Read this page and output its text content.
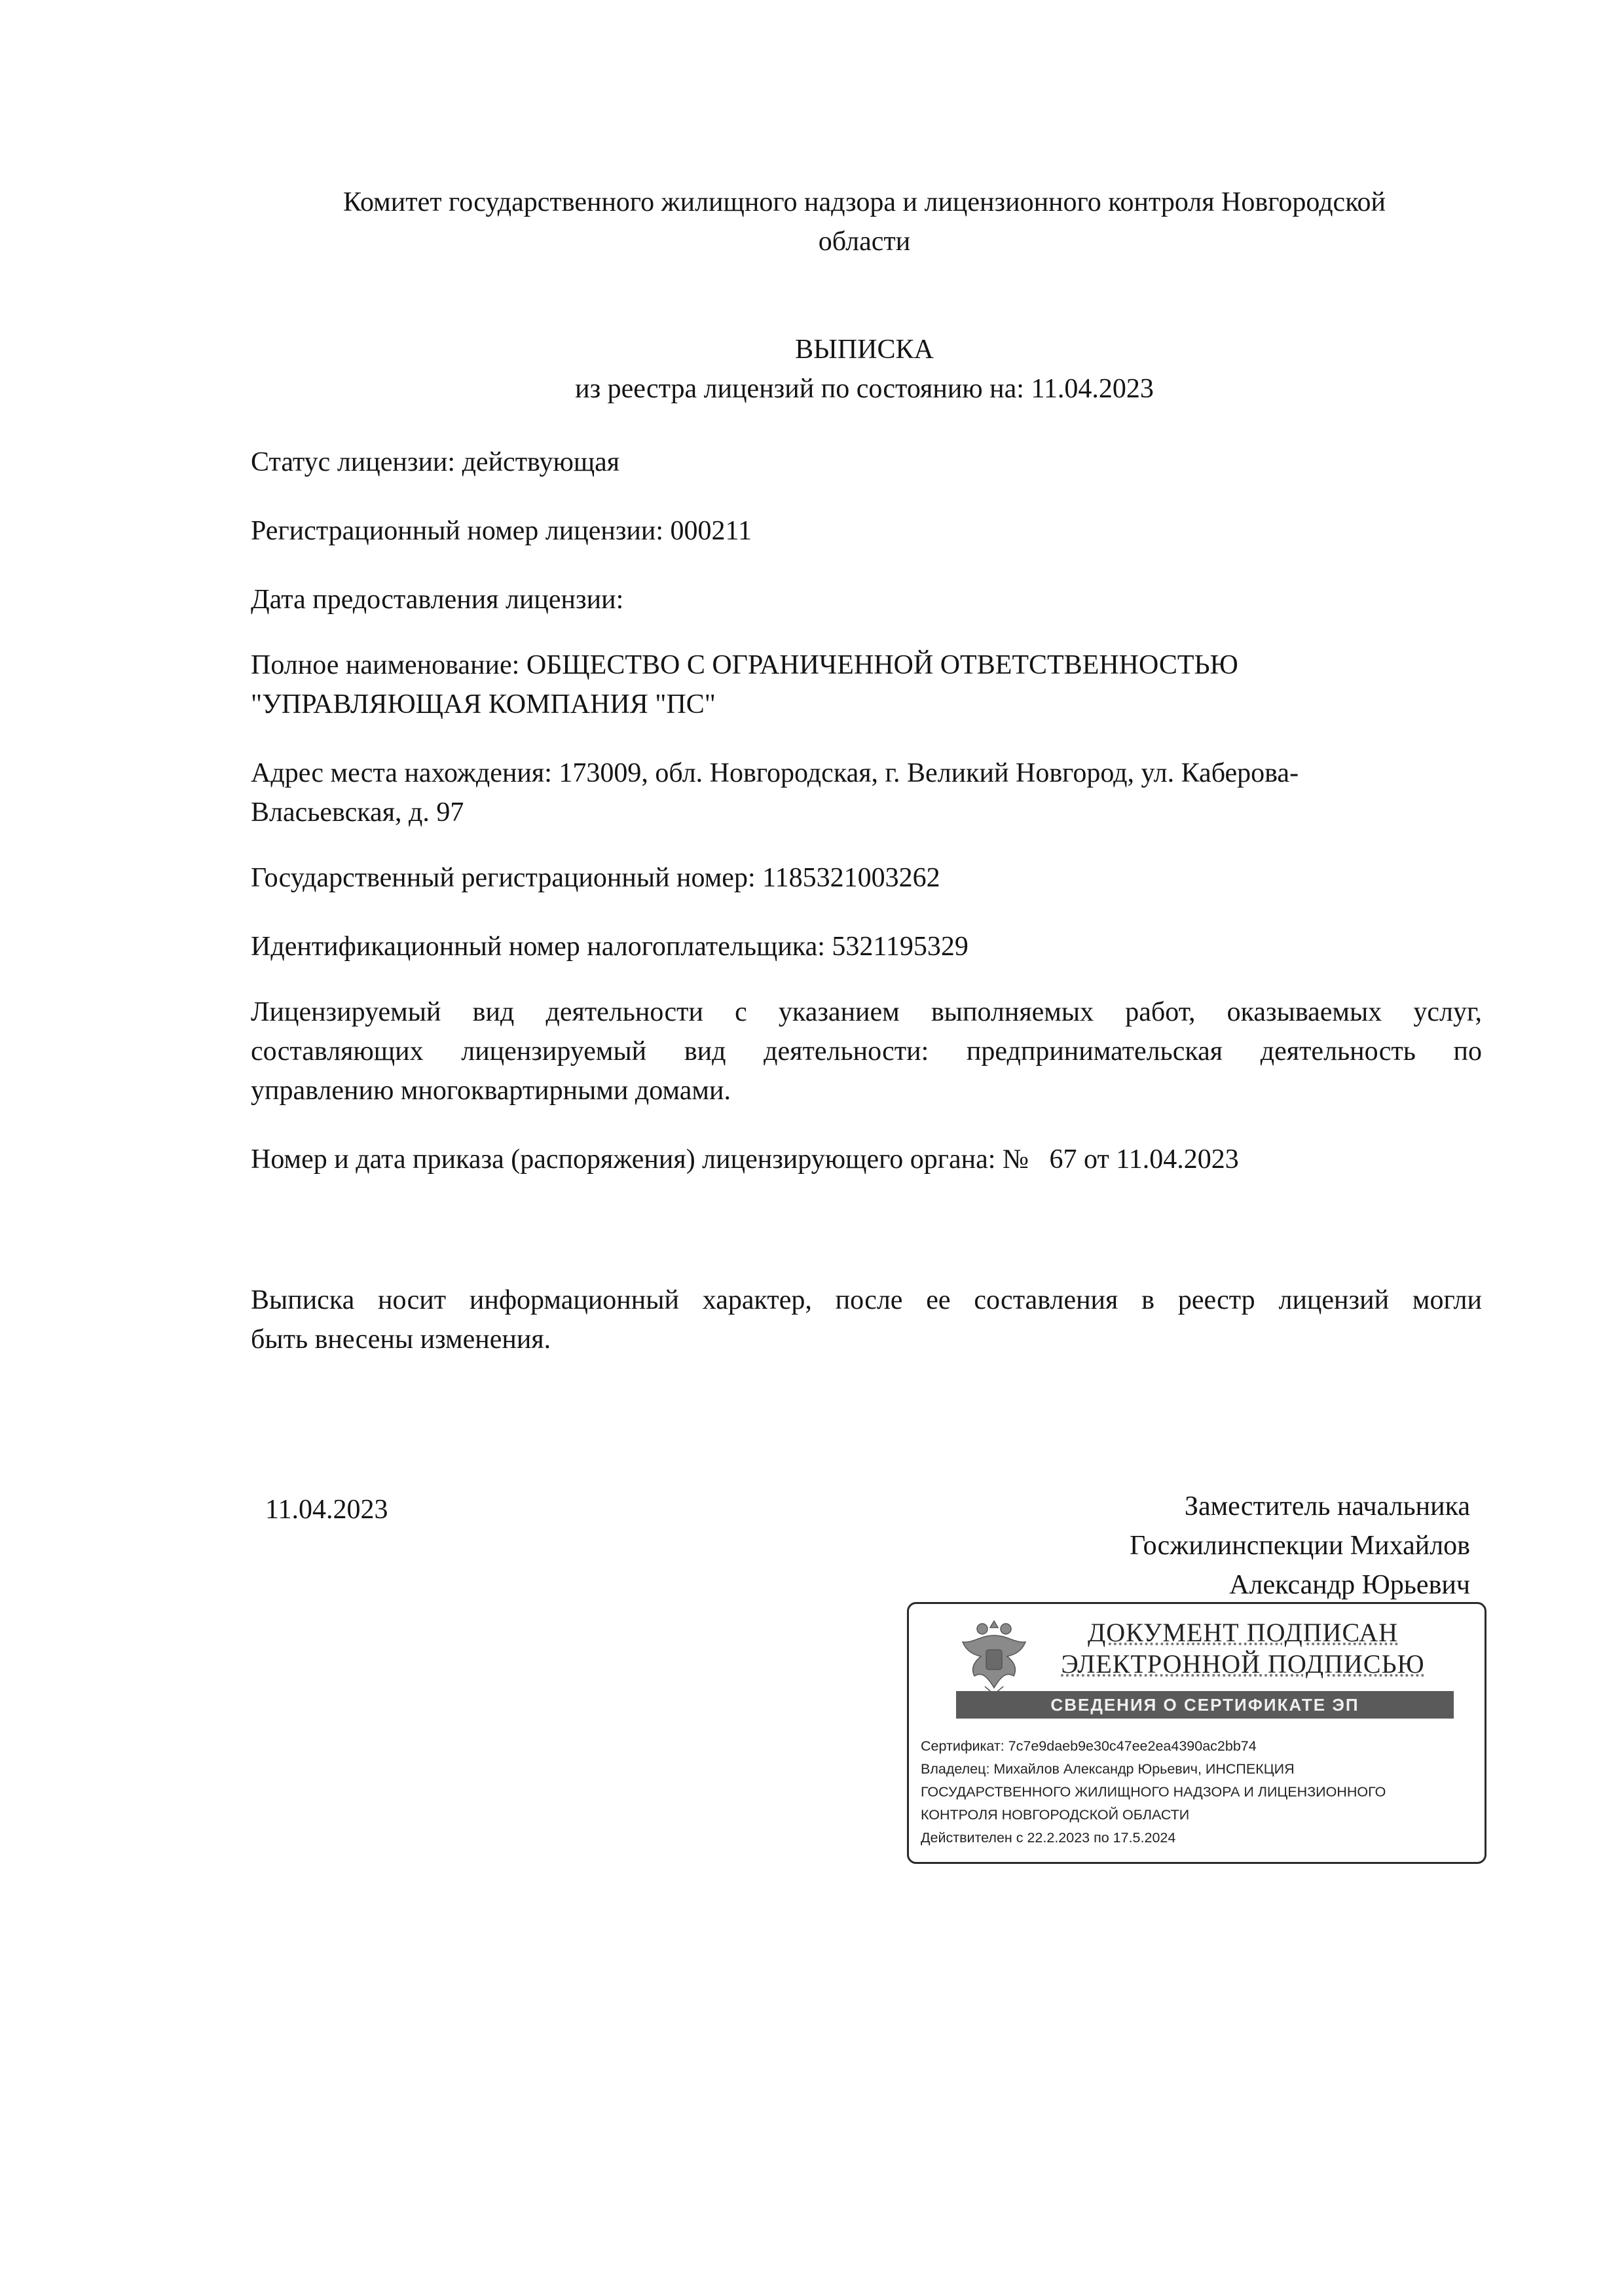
Комитет государственного жилищного надзора и лицензионного контроля Новгородской

области

ВЫПИСКА

из реестра лицензий по состоянию на: 11.04.2023

Статус лицензии: действующая

Регистрационный номер лицензии: 000211

Дата предоставления лицензии:

Полное наименование: ОБЩЕСТВО С ОГРАНИЧЕННОЙ ОТВЕТСТВЕННОСТЬЮ

"УПРАВЛЯЮЩАЯ КОМПАНИЯ "ПС"

Адрес места нахождения: 173009, обл. Новгородская, г. Великий Новгород, ул. Каберова-

Власьевская, д. 97

Государственный регистрационный номер: 1185321003262

Идентификационный номер налогоплательщика: 5321195329

Лицензируемый вид деятельности с указанием выполняемых работ, оказываемых услуг,

составляющих лицензируемый вид деятельности: предпринимательская деятельность по

управлению многоквартирными домами.

Номер и дата приказа (распоряжения) лицензирующего органа: №   67 от 11.04.2023

Выписка носит информационный характер, после ее составления в реестр лицензий могли

быть внесены изменения.

11.04.2023	Заместитель начальника

Госжилинспекции Михайлов

Александр Юрьевич

ДОКУМЕНТ ПОДПИСАН
ЭЛЕКТРОННОЙ ПОДПИСЬЮ
СВЕДЕНИЯ О СЕРТИФИКАТЕ ЭП

Сертификат: 7c7e9daeb9e30c47ee2ea4390ac2bb74

Владелец: Михайлов Александр Юрьевич, ИНСПЕКЦИЯ

ГОСУДАРСТВЕННОГО ЖИЛИЩНОГО НАДЗОРА И ЛИЦЕНЗИОННОГО

КОНТРОЛЯ НОВГОРОДСКОЙ ОБЛАСТИ

Действителен с 22.2.2023 по 17.5.2024
